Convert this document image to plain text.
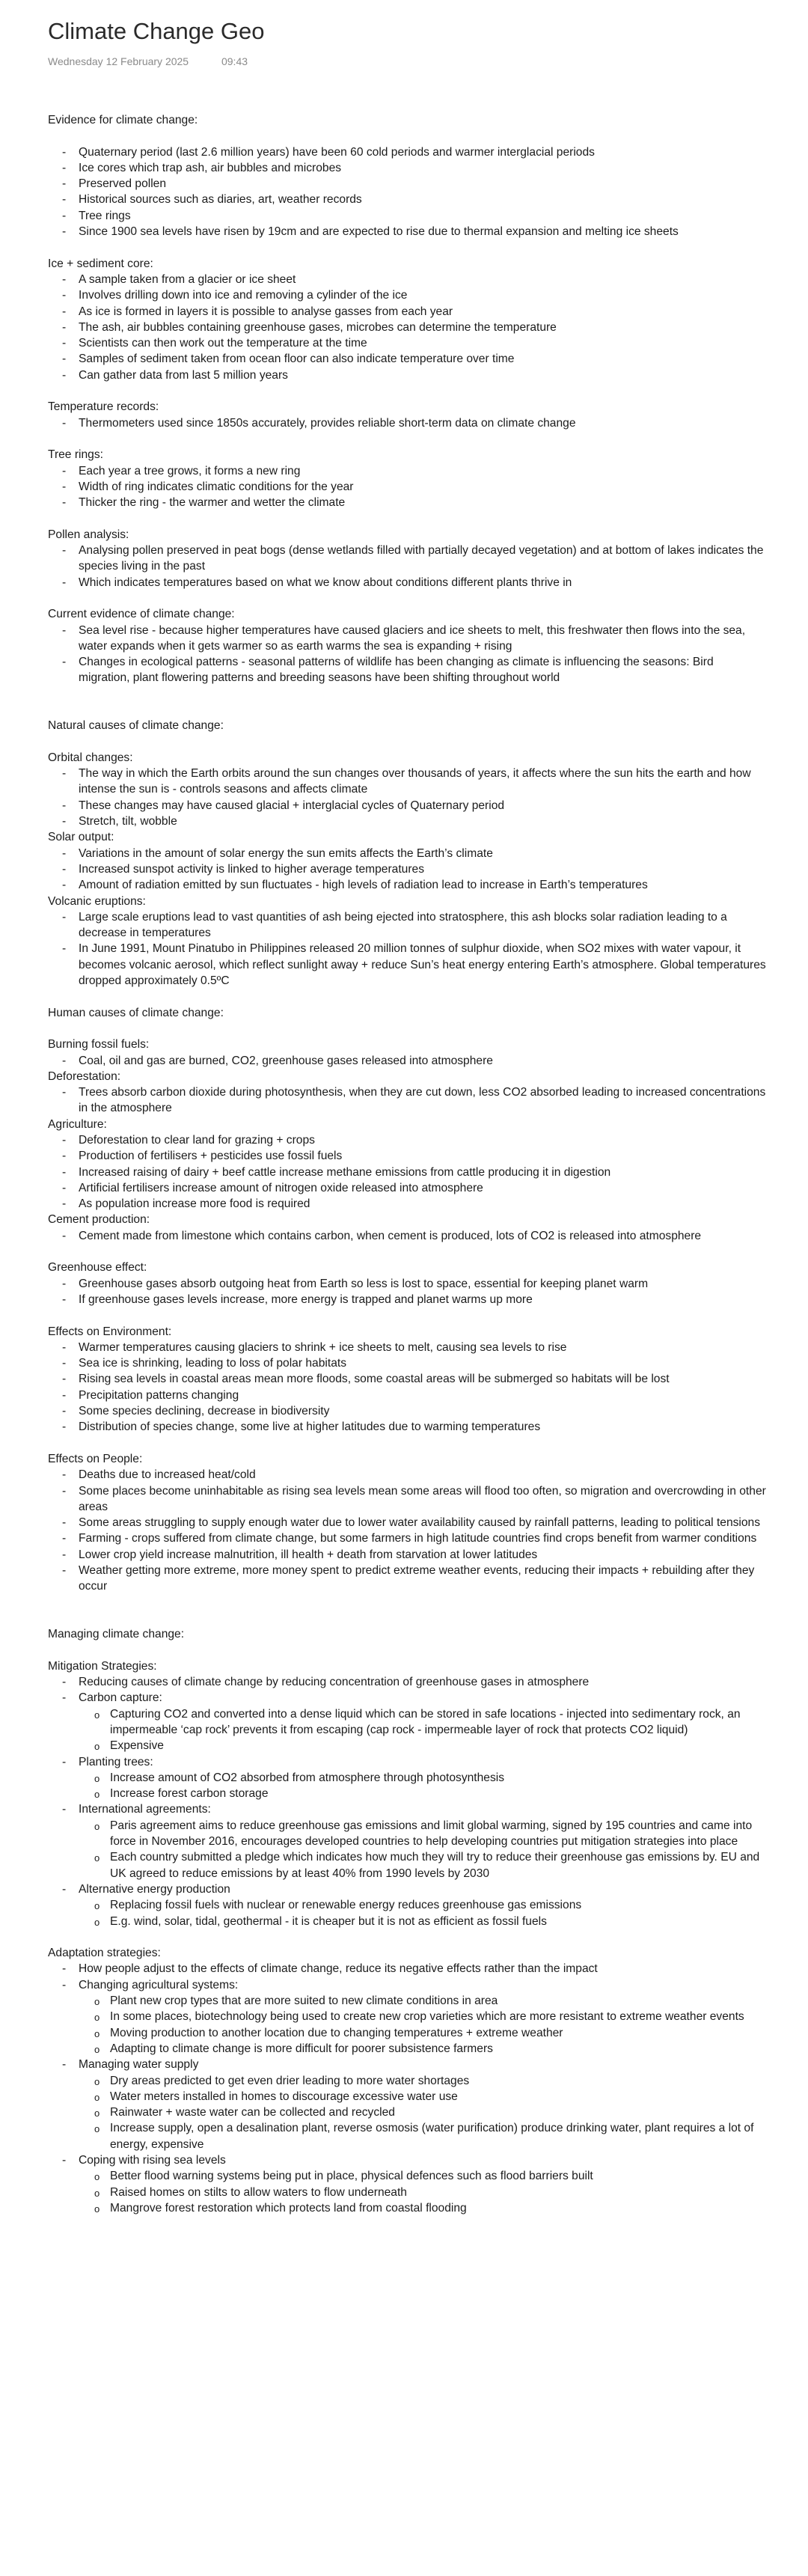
Climate Change Geo
Wednesday 12 February 2025	09:43
Evidence for climate change:
- Quaternary period (last 2.6 million years) have been 60 cold periods and warmer interglacial periods
- Ice cores which trap ash, air bubbles and microbes
- Preserved pollen
- Historical sources such as diaries, art, weather records
- Tree rings
- Since 1900 sea levels have risen by 19cm and are expected to rise due to thermal expansion and melting ice sheets
Ice + sediment core:
- A sample taken from a glacier or ice sheet
- Involves drilling down into ice and removing a cylinder of the ice
- As ice is formed in layers it is possible to analyse gasses from each year
- The ash, air bubbles containing greenhouse gases, microbes can determine the temperature
- Scientists can then work out the temperature at the time
- Samples of sediment taken from ocean floor can also indicate temperature over time
- Can gather data from last 5 million years
Temperature records:
- Thermometers used since 1850s accurately, provides reliable short-term data on climate change
Tree rings:
- Each year a tree grows, it forms a new ring
- Width of ring indicates climatic conditions for the year
- Thicker the ring - the warmer and wetter the climate
Pollen analysis:
- Analysing pollen preserved in peat bogs (dense wetlands filled with partially decayed vegetation) and at bottom of lakes indicates the species living in the past
- Which indicates temperatures based on what we know about conditions different plants thrive in
Current evidence of climate change:
- Sea level rise - because higher temperatures have caused glaciers and ice sheets to melt, this freshwater then flows into the sea, water expands when it gets warmer so as earth warms the sea is expanding + rising
- Changes in ecological patterns - seasonal patterns of wildlife has been changing as climate is influencing the seasons: Bird migration, plant flowering patterns and breeding seasons have been shifting throughout world
Natural causes of climate change:
Orbital changes:
- The way in which the Earth orbits around the sun changes over thousands of years, it affects where the sun hits the earth and how intense the sun is - controls seasons and affects climate
- These changes may have caused glacial + interglacial cycles of Quaternary period
- Stretch, tilt, wobble
Solar output:
- Variations in the amount of solar energy the sun emits affects the Earth’s climate
- Increased sunspot activity is linked to higher average temperatures
- Amount of radiation emitted by sun fluctuates - high levels of radiation lead to increase in Earth’s temperatures
Volcanic eruptions:
- Large scale eruptions lead to vast quantities of ash being ejected into stratosphere, this ash blocks solar radiation leading to a decrease in temperatures
- In June 1991, Mount Pinatubo in Philippines released 20 million tonnes of sulphur dioxide, when SO2 mixes with water vapour, it becomes volcanic aerosol, which reflect sunlight away + reduce Sun’s heat energy entering Earth’s atmosphere. Global temperatures dropped approximately 0.5ºC
Human causes of climate change:
Burning fossil fuels:
- Coal, oil and gas are burned, CO2, greenhouse gases released into atmosphere
Deforestation:
- Trees absorb carbon dioxide during photosynthesis, when they are cut down, less CO2 absorbed leading to increased concentrations in the atmosphere
Agriculture:
- Deforestation to clear land for grazing + crops
- Production of fertilisers + pesticides use fossil fuels
- Increased raising of dairy + beef cattle increase methane emissions from cattle producing it in digestion
- Artificial fertilisers increase amount of nitrogen oxide released into atmosphere
- As population increase more food is required
Cement production:
- Cement made from limestone which contains carbon, when cement is produced, lots of CO2 is released into atmosphere
Greenhouse effect:
- Greenhouse gases absorb outgoing heat from Earth so less is lost to space, essential for keeping planet warm
- If greenhouse gases levels increase, more energy is trapped and planet warms up more
Effects on Environment:
- Warmer temperatures causing glaciers to shrink + ice sheets to melt, causing sea levels to rise
- Sea ice is shrinking, leading to loss of polar habitats
- Rising sea levels in coastal areas mean more floods, some coastal areas will be submerged so habitats will be lost
- Precipitation patterns changing
- Some species declining, decrease in biodiversity
- Distribution of species change, some live at higher latitudes due to warming temperatures
Effects on People:
- Deaths due to increased heat/cold
- Some places become uninhabitable as rising sea levels mean some areas will flood too often, so migration and overcrowding in other areas
- Some areas struggling to supply enough water due to lower water availability caused by rainfall patterns, leading to political tensions
- Farming - crops suffered from climate change, but some farmers in high latitude countries find crops benefit from warmer conditions
- Lower crop yield increase malnutrition, ill health + death from starvation at lower latitudes
- Weather getting more extreme, more money spent to predict extreme weather events, reducing their impacts + rebuilding after they occur
Managing climate change:
Mitigation Strategies:
- Reducing causes of climate change by reducing concentration of greenhouse gases in atmosphere
- Carbon capture:
o Capturing CO2 and converted into a dense liquid which can be stored in safe locations - injected into sedimentary rock, an impermeable ‘cap rock’ prevents it from escaping (cap rock - impermeable layer of rock that protects CO2 liquid)
o Expensive
- Planting trees:
o Increase amount of CO2 absorbed from atmosphere through photosynthesis
o Increase forest carbon storage
- International agreements:
o Paris agreement aims to reduce greenhouse gas emissions and limit global warming, signed by 195 countries and came into force in November 2016, encourages developed countries to help developing countries put mitigation strategies into place
o Each country submitted a pledge which indicates how much they will try to reduce their greenhouse gas emissions by. EU and UK agreed to reduce emissions by at least 40% from 1990 levels by 2030
- Alternative energy production
o Replacing fossil fuels with nuclear or renewable energy reduces greenhouse gas emissions
o E.g. wind, solar, tidal, geothermal - it is cheaper but it is not as efficient as fossil fuels
Adaptation strategies:
- How people adjust to the effects of climate change, reduce its negative effects rather than the impact
- Changing agricultural systems:
o Plant new crop types that are more suited to new climate conditions in area
o In some places, biotechnology being used to create new crop varieties which are more resistant to extreme weather events
o Moving production to another location due to changing temperatures + extreme weather
o Adapting to climate change is more difficult for poorer subsistence farmers
- Managing water supply
o Dry areas predicted to get even drier leading to more water shortages
o Water meters installed in homes to discourage excessive water use
o Rainwater + waste water can be collected and recycled
o Increase supply, open a desalination plant, reverse osmosis (water purification) produce drinking water, plant requires a lot of energy, expensive
- Coping with rising sea levels
o Better flood warning systems being put in place, physical defences such as flood barriers built
o Raised homes on stilts to allow waters to flow underneath
o Mangrove forest restoration which protects land from coastal flooding
